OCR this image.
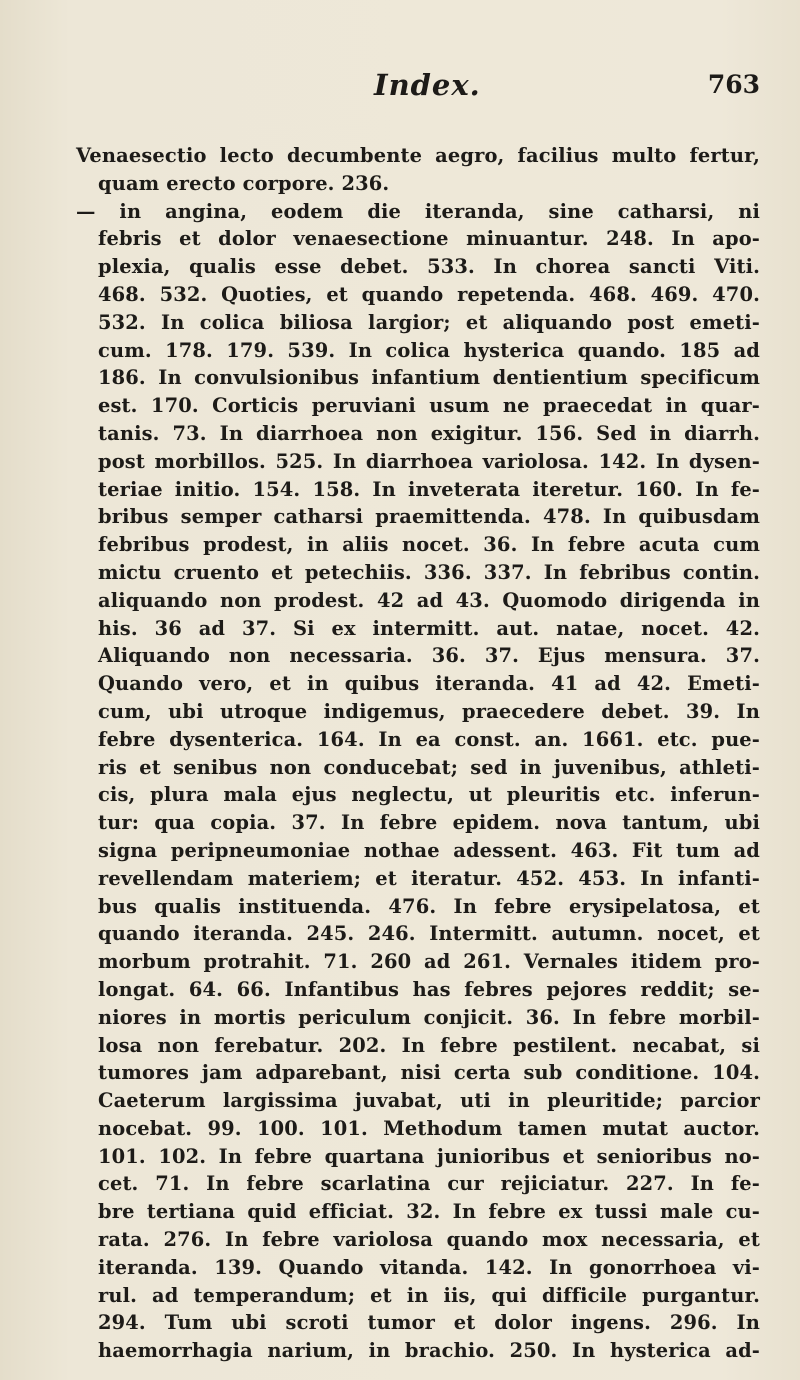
Index.	763
Venaesectio lecto decumbente aegro, facilius multo fertur,
quam erecto corpore. 236.
— in angina, eodem die iteranda, sine catharsi, ni
febris et dolor venaesectione minuantur. 248. In apo-
plexia, qualis esse debet. 533. In chorea sancti Viti.
468. 532. Quoties, et quando repetenda. 468. 469. 470.
532. In colica biliosa largior; et aliquando post emeti-
cum. 178. 179. 539. In colica hysterica quando. 185 ad
186. In convulsionibus infantium dentientium specificum
est. 170. Corticis peruviani usum ne praecedat in quar-
tanis. 73. In diarrhoea non exigitur. 156. Sed in diarrh.
post morbillos. 525. In diarrhoea variolosa. 142. In dysen-
teriae initio. 154. 158. In inveterata iteretur. 160. In fe-
bribus semper catharsi praemittenda. 478. In quibusdam
febribus prodest, in aliis nocet. 36. In febre acuta cum
mictu cruento et petechiis. 336. 337. In febribus contin.
aliquando non prodest. 42 ad 43. Quomodo dirigenda in
his. 36 ad 37. Si ex intermitt. aut. natae, nocet. 42.
Aliquando non necessaria. 36. 37. Ejus mensura. 37.
Quando vero, et in quibus iteranda. 41 ad 42. Emeti-
cum, ubi utroque indigemus, praecedere debet. 39. In
febre dysenterica. 164. In ea const. an. 1661. etc. pue-
ris et senibus non conducebat; sed in juvenibus, athleti-
cis, plura mala ejus neglectu, ut pleuritis etc. inferun-
tur: qua copia. 37. In febre epidem. nova tantum, ubi
signa peripneumoniae nothae adessent. 463. Fit tum ad
revellendam materiem; et iteratur. 452. 453. In infanti-
bus qualis instituenda. 476. In febre erysipelatosa, et
quando iteranda. 245. 246. Intermitt. autumn. nocet, et
morbum protrahit. 71. 260 ad 261. Vernales itidem pro-
longat. 64. 66. Infantibus has febres pejores reddit; se-
niores in mortis periculum conjicit. 36. In febre morbil-
losa non ferebatur. 202. In febre pestilent. necabat, si
tumores jam adparebant, nisi certa sub conditione. 104.
Caeterum largissima juvabat, uti in pleuritide; parcior
nocebat. 99. 100. 101. Methodum tamen mutat auctor.
101. 102. In febre quartana junioribus et senioribus no-
cet. 71. In febre scarlatina cur rejiciatur. 227. In fe-
bre tertiana quid efficiat. 32. In febre ex tussi male cu-
rata. 276. In febre variolosa quando mox necessaria, et
iteranda. 139. Quando vitanda. 142. In gonorrhoea vi-
rul. ad temperandum; et in iis, qui difficile purgantur.
294. Tum ubi scroti tumor et dolor ingens. 296. In
haemorrhagia narium, in brachio. 250. In hysterica ad-
